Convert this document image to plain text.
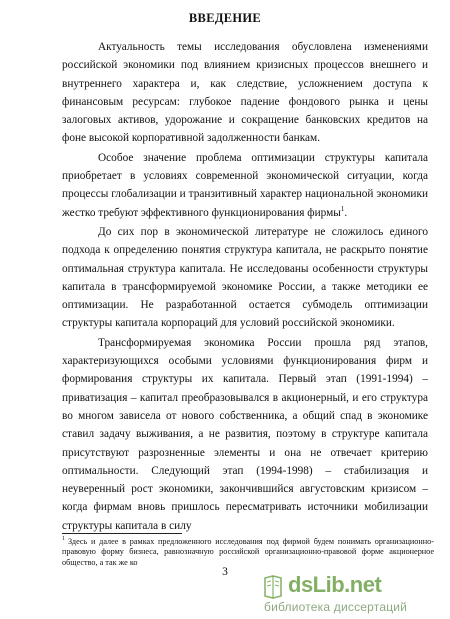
ВВЕДЕНИЕ

Актуальность темы исследования обусловлена изменениями российской экономики под влиянием кризисных процессов внешнего и внутреннего характера и, как следствие, усложнением доступа к финансовым ресурсам: глубокое падение фондового рынка и цены залоговых активов, удорожание и сокращение банковских кредитов на фоне высокой корпоративной задолженности банкам.

Особое значение проблема оптимизации структуры капитала приобретает в условиях современной экономической ситуации, когда процессы глобализации и транзитивный характер национальной экономики жестко требуют эффективного функционирования фирмы$^1$.

До сих пор в экономической литературе не сложилось единого подхода к определению понятия структура капитала, не раскрыто понятие оптимальная структура капитала. Не исследованы особенности структуры капитала в трансформируемой экономике России, а также методики ее оптимизации. Не разработанной остается субмодель оптимизации структуры капитала корпораций для условий российской экономики.

Трансформируемая экономика России прошла ряд этапов, характеризующихся особыми условиями функционирования фирм и формирования структуры их капитала. Первый этап (1991-1994) – приватизация – капитал преобразовывался в акционерный, и его структура во многом зависела от нового собственника, а общий спад в экономике ставил задачу выживания, а не развития, поэтому в структуре капитала присутствуют разрозненные элементы и она не отвечает критерию оптимальности. Следующий этап (1994-1998) – стабилизация и неуверенный рост экономики, закончившийся августовским кризисом – когда фирмам вновь пришлось пересматривать источники мобилизации структуры капитала в силу

$^1$ Здесь и далее в рамках предложенного исследования под фирмой будем понимать организационно-правовую форму бизнеса, равнозначную российской организационно-правовой форме акционерное общество, а так же ко
3	dsLib.net
библиотека диссертаций
